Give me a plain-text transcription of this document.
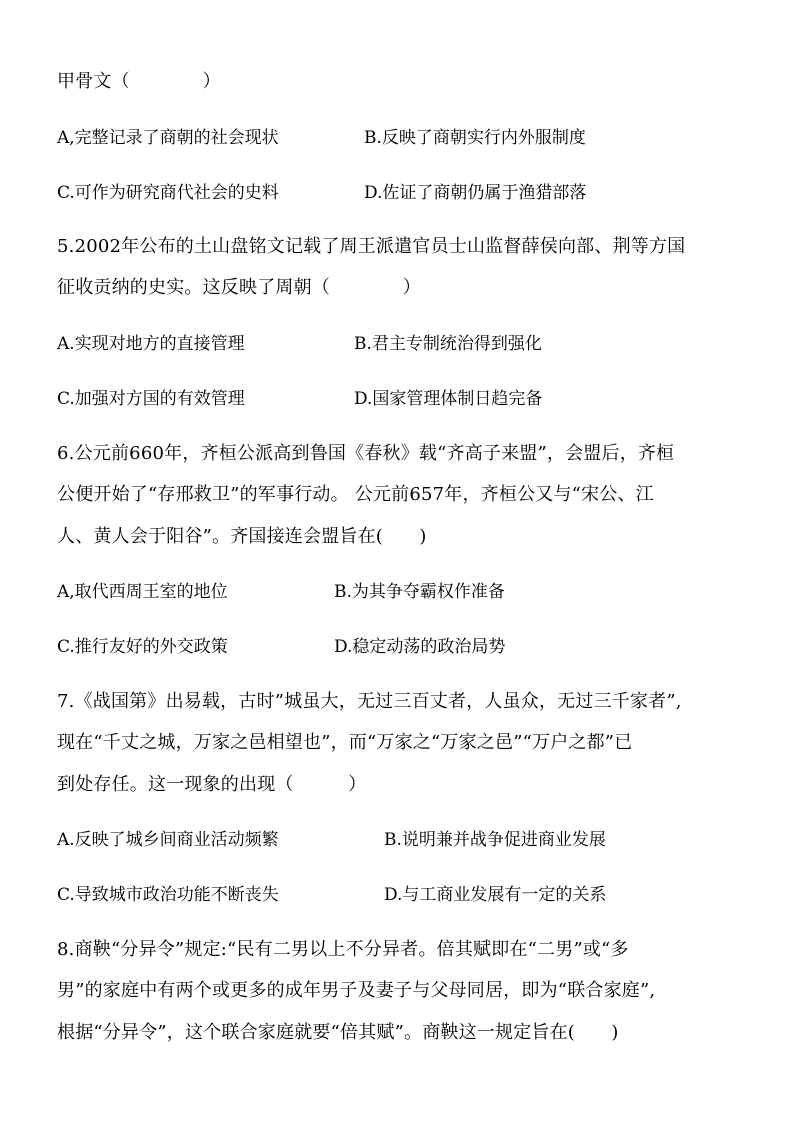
甲骨文（　　　　）
A,完整记录了商朝的社会现状	B.反映了商朝实行内外服制度
C.可作为研究商代社会的史料	D.佐证了商朝仍属于渔猎部落
5.2002年公布的土山盘铭文记载了周王派遣官员士山监督薛侯向部、荆等方国
征收贡纳的史实。这反映了周朝（　　　　）
A.实现对地方的直接管理	B.君主专制统治得到强化
C.加强对方国的有效管理	D.国家管理体制日趋完备
6.公元前660年，齐桓公派高到鲁国《春秋》载“齐高子来盟”，会盟后，齐桓
公便开始了“存邢救卫”的军事行动。 公元前657年，齐桓公又与“宋公、江
人、黄人会于阳谷”。齐国接连会盟旨在(　　)
A,取代西周王室的地位	B.为其争夺霸权作准备
C.推行友好的外交政策	D.稳定动荡的政治局势
7.《战国第》出易载，古时”城虽大，无过三百丈者，人虽众，无过三千家者”,
现在“千丈之城，万家之邑相望也”，而“万家之“万家之邑”“万户之都”已
到处存任。这一现象的出现（　　　）
A.反映了城乡间商业活动频繁	B.说明兼并战争促进商业发展
C.导致城市政治功能不断丧失	D.与工商业发展有一定的关系
8.商鞅“分异令”规定:“民有二男以上不分异者。倍其赋即在“二男”或“多
男”的家庭中有两个或更多的成年男子及妻子与父母同居，即为“联合家庭”,
根据“分异令”，这个联合家庭就要“倍其赋”。商鞅这一规定旨在(　　)
